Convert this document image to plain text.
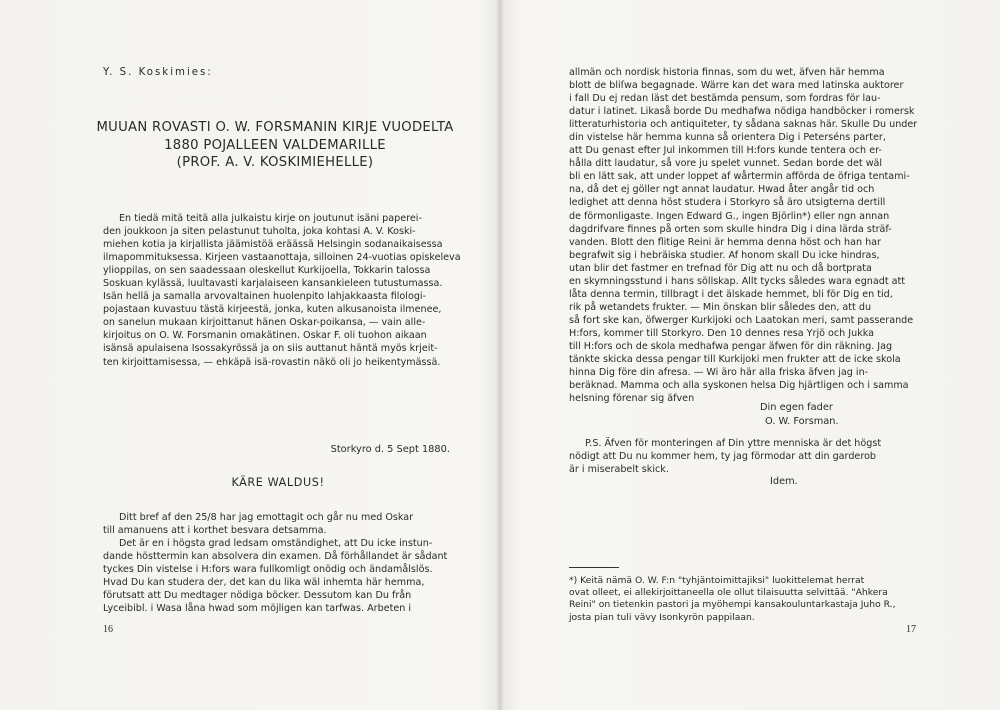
· · · · · · · · · · · · · · · · · · · · · · · · · · · · · · · ·
Y. S. Koskimies:
MUUAN ROVASTI O. W. FORSMANIN KIRJE VUODELTA
1880 POJALLEEN VALDEMARILLE
(PROF. A. V. KOSKIMIEHELLE)
En tiedä mitä teitä alla julkaistu kirje on joutunut isäni paperei-
den joukkoon ja siten pelastunut tuholta, joka kohtasi A. V. Koski-
miehen kotia ja kirjallista jäämistöä eräässä Helsingin sodanaikaisessa
ilmapommituksessa. Kirjeen vastaanottaja, silloinen 24-vuotias opiskeleva
ylioppilas, on sen saadessaan oleskellut Kurkijoella, Tokkarin talossa
Soskuan kylässä, luultavasti karjalaiseen kansankieleen tutustumassa.
Isän hellä ja samalla arvovaltainen huolenpito lahjakkaasta filologi-
pojastaan kuvastuu tästä kirjeestä, jonka, kuten alkusanoista ilmenee,
on sanelun mukaan kirjoittanut hänen Oskar-poikansa, — vain alle-
kirjoitus on O. W. Forsmanin omakätinen. Oskar F. oli tuohon aikaan
isänsä apulaisena Isossakyrössä ja on siis auttanut häntä myös krjeit-
ten kirjoittamisessa, — ehkäpä isä-rovastin näkö oli jo heikentymässä.
Storkyro d. 5 Sept 1880.
KÄRE WALDUS!
Ditt bref af den 25/8 har jag emottagit och går nu med Oskar
till amanuens att i korthet besvara detsamma.
Det är en i högsta grad ledsam omständighet, att Du icke instun-
dande hösttermin kan absolvera din examen. Då förhållandet är sådant
tyckes Din vistelse i H:fors wara fullkomligt onödig och ändamålslös.
Hvad Du kan studera der, det kan du lika wäl inhemta här hemma,
förutsatt att Du medtager nödiga böcker. Dessutom kan Du från
Lyceibibl. i Wasa låna hwad som möjligen kan tarfwas. Arbeten i
16
allmän och nordisk historia finnas, som du wet, äfven här hemma
blott de bliſwa begagnade. Wärre kan det wara med latinska auktorer
i fall Du ej redan läst det bestämda pensum, som fordras för lau-
datur i latinet. Likaså borde Du medhafwa nödiga handböcker i romersk
litteraturhistoria och antiquiteter, ty sådana saknas här. Skulle Du under
din vistelse här hemma kunna så orientera Dig i Peterséns parter,
att Du genast efter Jul inkommen till H:fors kunde tentera och er-
hålla ditt laudatur, så vore ju spelet vunnet. Sedan borde det wäl
bli en lätt sak, att under loppet af wårtermin afförda de öfriga tentami-
na, då det ej göller ngt annat laudatur. Hwad åter angår tid och
ledighet att denna höst studera i Storkyro så äro utsigterna dertill
de förmonligaste. Ingen Edward G., ingen Björlin*) eller ngn annan
dagdrifvare finnes på orten som skulle hindra Dig i dina lärda sträf-
vanden. Blott den flitige Reini är hemma denna höst och han har
begrafwit sig i hebräiska studier. Af honom skall Du icke hindras,
utan blir det fastmer en trefnad för Dig att nu och då bortprata
en skymningsstund i hans söllskap. Allt tycks således wara egnadt att
låta denna termin, tillbragt i det älskade hemmet, bli för Dig en tid,
rik på wetandets frukter. — Min önskan blir således den, att du
så fort ske kan, öfwerger Kurkijoki och Laatokan meri, samt passerande
H:fors, kommer till Storkyro. Den 10 dennes resa Yrjö och Jukka
till H:fors och de skola medhafwa pengar äfwen för din räkning. Jag
tänkte skicka dessa pengar till Kurkijoki men frukter att de icke skola
hinna Dig före din afresa. — Wi äro här alla friska äfven jag in-
beräknad. Mamma och alla syskonen helsa Dig hjärtligen och i samma
helsning förenar sig äfven
Din egen fader
O. W. Forsman.
P.S. Äfven för monteringen af Din yttre menniska är det högst
nödigt att Du nu kommer hem, ty jag förmodar att din garderob
är i miserabelt skick.
Idem.
*) Keitä nämä O. W. F:n "tyhjäntoimittajiksi" luokittelemat herrat
ovat olleet, ei allekirjoittaneella ole ollut tilaisuutta selvittää. "Ahkera
Reini" on tietenkin pastori ja myöhempi kansakouluntarkastaja Juho R.,
josta pian tuli vävy Isonkyrön pappilaan.
17
